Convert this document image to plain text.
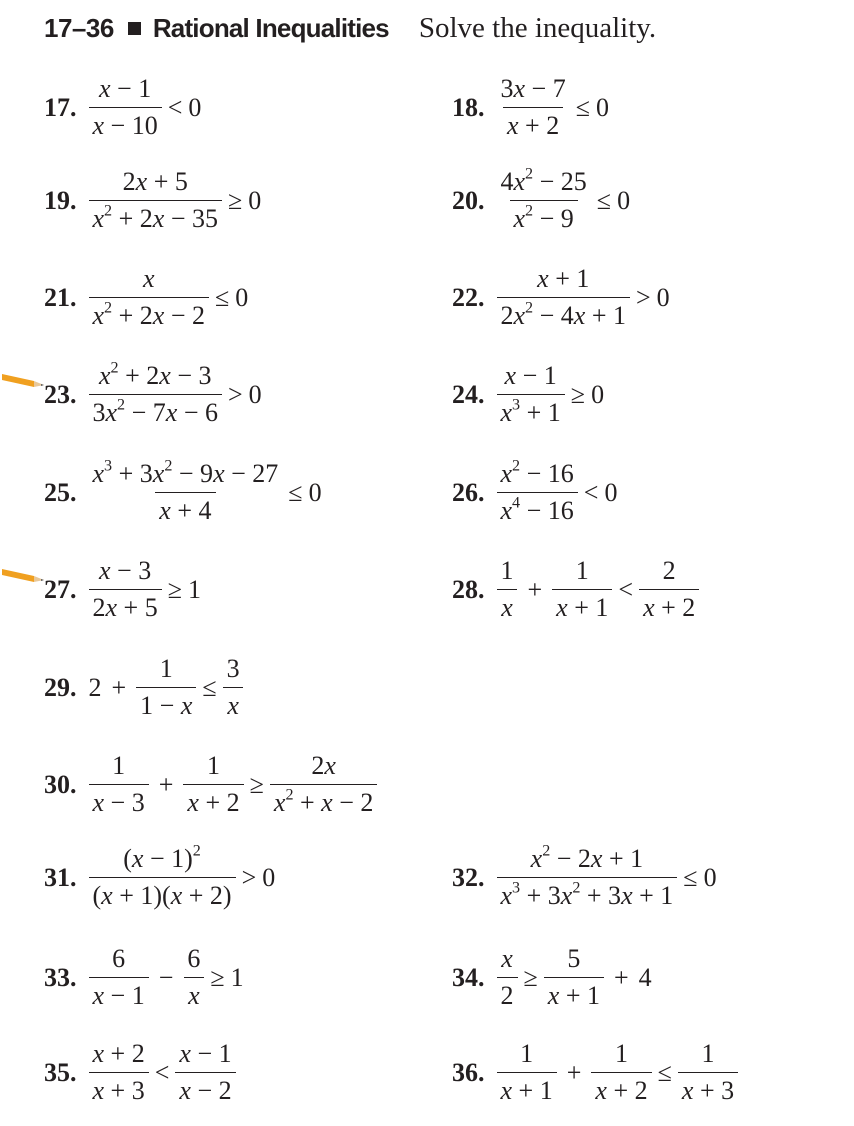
17–36 Rational Inequalities Solve the inequality.
17. $\frac{x - 1}{x - 10} < 0$	18. $\frac{3x - 7}{x + 2} \le 0$
19. $\frac{2x + 5}{x^2 + 2x - 35} \ge 0$	20. $\frac{4x^2 - 25}{x^2 - 9} \le 0$
21. $\frac{x}{x^2 + 2x - 2} \le 0$	22. $\frac{x + 1}{2x^2 - 4x + 1} > 0$
23. $\frac{x^2 + 2x - 3}{3x^2 - 7x - 6} > 0$	24. $\frac{x - 1}{x^3 + 1} \ge 0$
25. $\frac{x^3 + 3x^2 - 9x - 27}{x + 4} \le 0$	26. $\frac{x^2 - 16}{x^4 - 16} < 0$
27. $\frac{x - 3}{2x + 5} \ge 1$	28. $\frac{1}{x} + \frac{1}{x + 1} < \frac{2}{x + 2}$
29. $2 + \frac{1}{1 - x} \le \frac{3}{x}$
30. $\frac{1}{x - 3} + \frac{1}{x + 2} \ge \frac{2x}{x^2 + x - 2}$
31. $\frac{(x - 1)^2}{(x + 1)(x + 2)} > 0$	32. $\frac{x^2 - 2x + 1}{x^3 + 3x^2 + 3x + 1} \le 0$
33. $\frac{6}{x - 1} - \frac{6}{x} \ge 1$	34. $\frac{x}{2} \ge \frac{5}{x + 1} + 4$
35. $\frac{x + 2}{x + 3} < \frac{x - 1}{x - 2}$	36. $\frac{1}{x + 1} + \frac{1}{x + 2} \le \frac{1}{x + 3}$
